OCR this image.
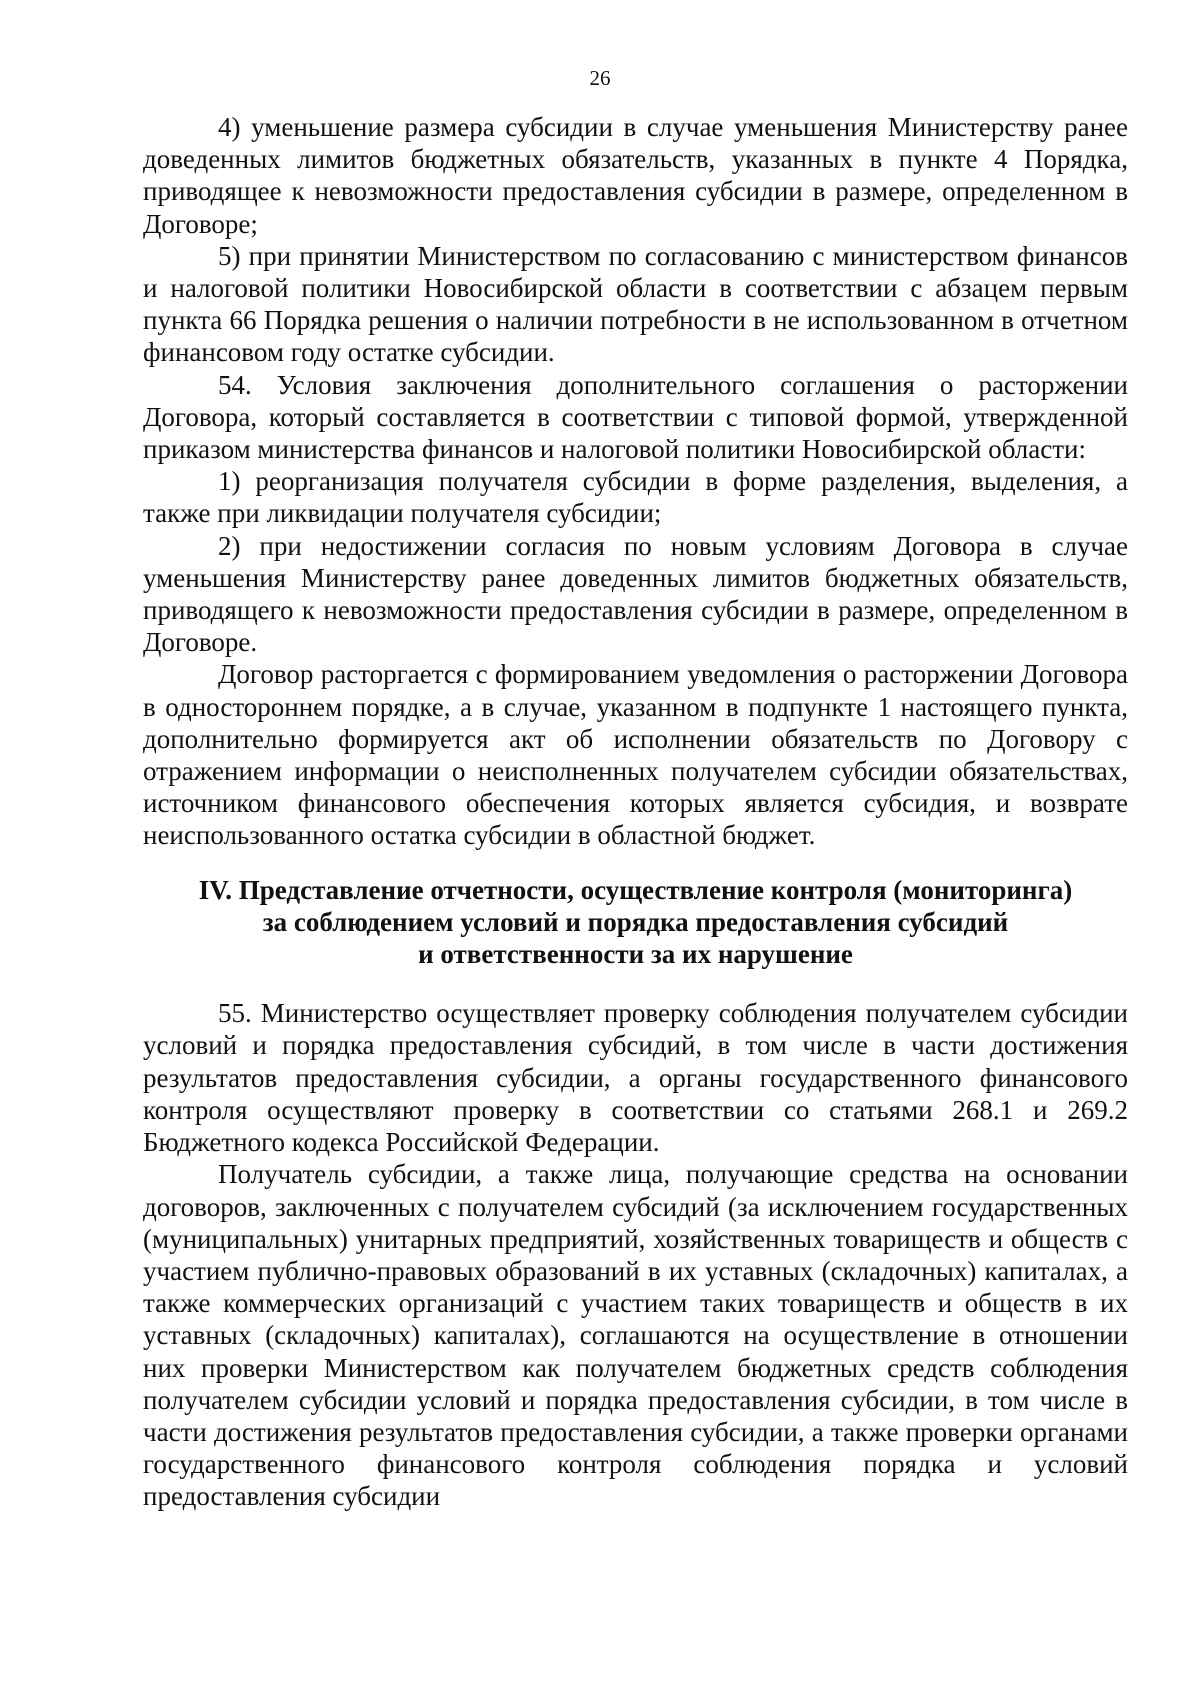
26

4) уменьшение размера субсидии в случае уменьшения Министерству ранее доведенных лимитов бюджетных обязательств, указанных в пункте 4 Порядка, приводящее к невозможности предоставления субсидии в размере, определенном в Договоре;

5) при принятии Министерством по согласованию с министерством финансов и налоговой политики Новосибирской области в соответствии с абзацем первым пункта 66 Порядка решения о наличии потребности в не использованном в отчетном финансовом году остатке субсидии.

54. Условия заключения дополнительного соглашения о расторжении Договора, который составляется в соответствии с типовой формой, утвержденной приказом министерства финансов и налоговой политики Новосибирской области:

1) реорганизация получателя субсидии в форме разделения, выделения, а также при ликвидации получателя субсидии;

2) при недостижении согласия по новым условиям Договора в случае уменьшения Министерству ранее доведенных лимитов бюджетных обязательств, приводящего к невозможности предоставления субсидии в размере, определенном в Договоре.

Договор расторгается с формированием уведомления о расторжении Договора в одностороннем порядке, а в случае, указанном в подпункте 1 настоящего пункта, дополнительно формируется акт об исполнении обязательств по Договору с отражением информации о неисполненных получателем субсидии обязательствах, источником финансового обеспечения которых является субсидия, и возврате неиспользованного остатка субсидии в областной бюджет.

IV. Представление отчетности, осуществление контроля (мониторинга)
за соблюдением условий и порядка предоставления субсидий
и ответственности за их нарушение

55. Министерство осуществляет проверку соблюдения получателем субсидии условий и порядка предоставления субсидий, в том числе в части достижения результатов предоставления субсидии, а органы государственного финансового контроля осуществляют проверку в соответствии со статьями 268.1 и 269.2 Бюджетного кодекса Российской Федерации.

Получатель субсидии, а также лица, получающие средства на основании договоров, заключенных с получателем субсидий (за исключением государственных (муниципальных) унитарных предприятий, хозяйственных товариществ и обществ с участием публично-правовых образований в их уставных (складочных) капиталах, а также коммерческих организаций с участием таких товариществ и обществ в их уставных (складочных) капиталах), соглашаются на осуществление в отношении них проверки Министерством как получателем бюджетных средств соблюдения получателем субсидии условий и порядка предоставления субсидии, в том числе в части достижения результатов предоставления субсидии, а также проверки органами государственного финансового контроля соблюдения порядка и условий предоставления субсидии
